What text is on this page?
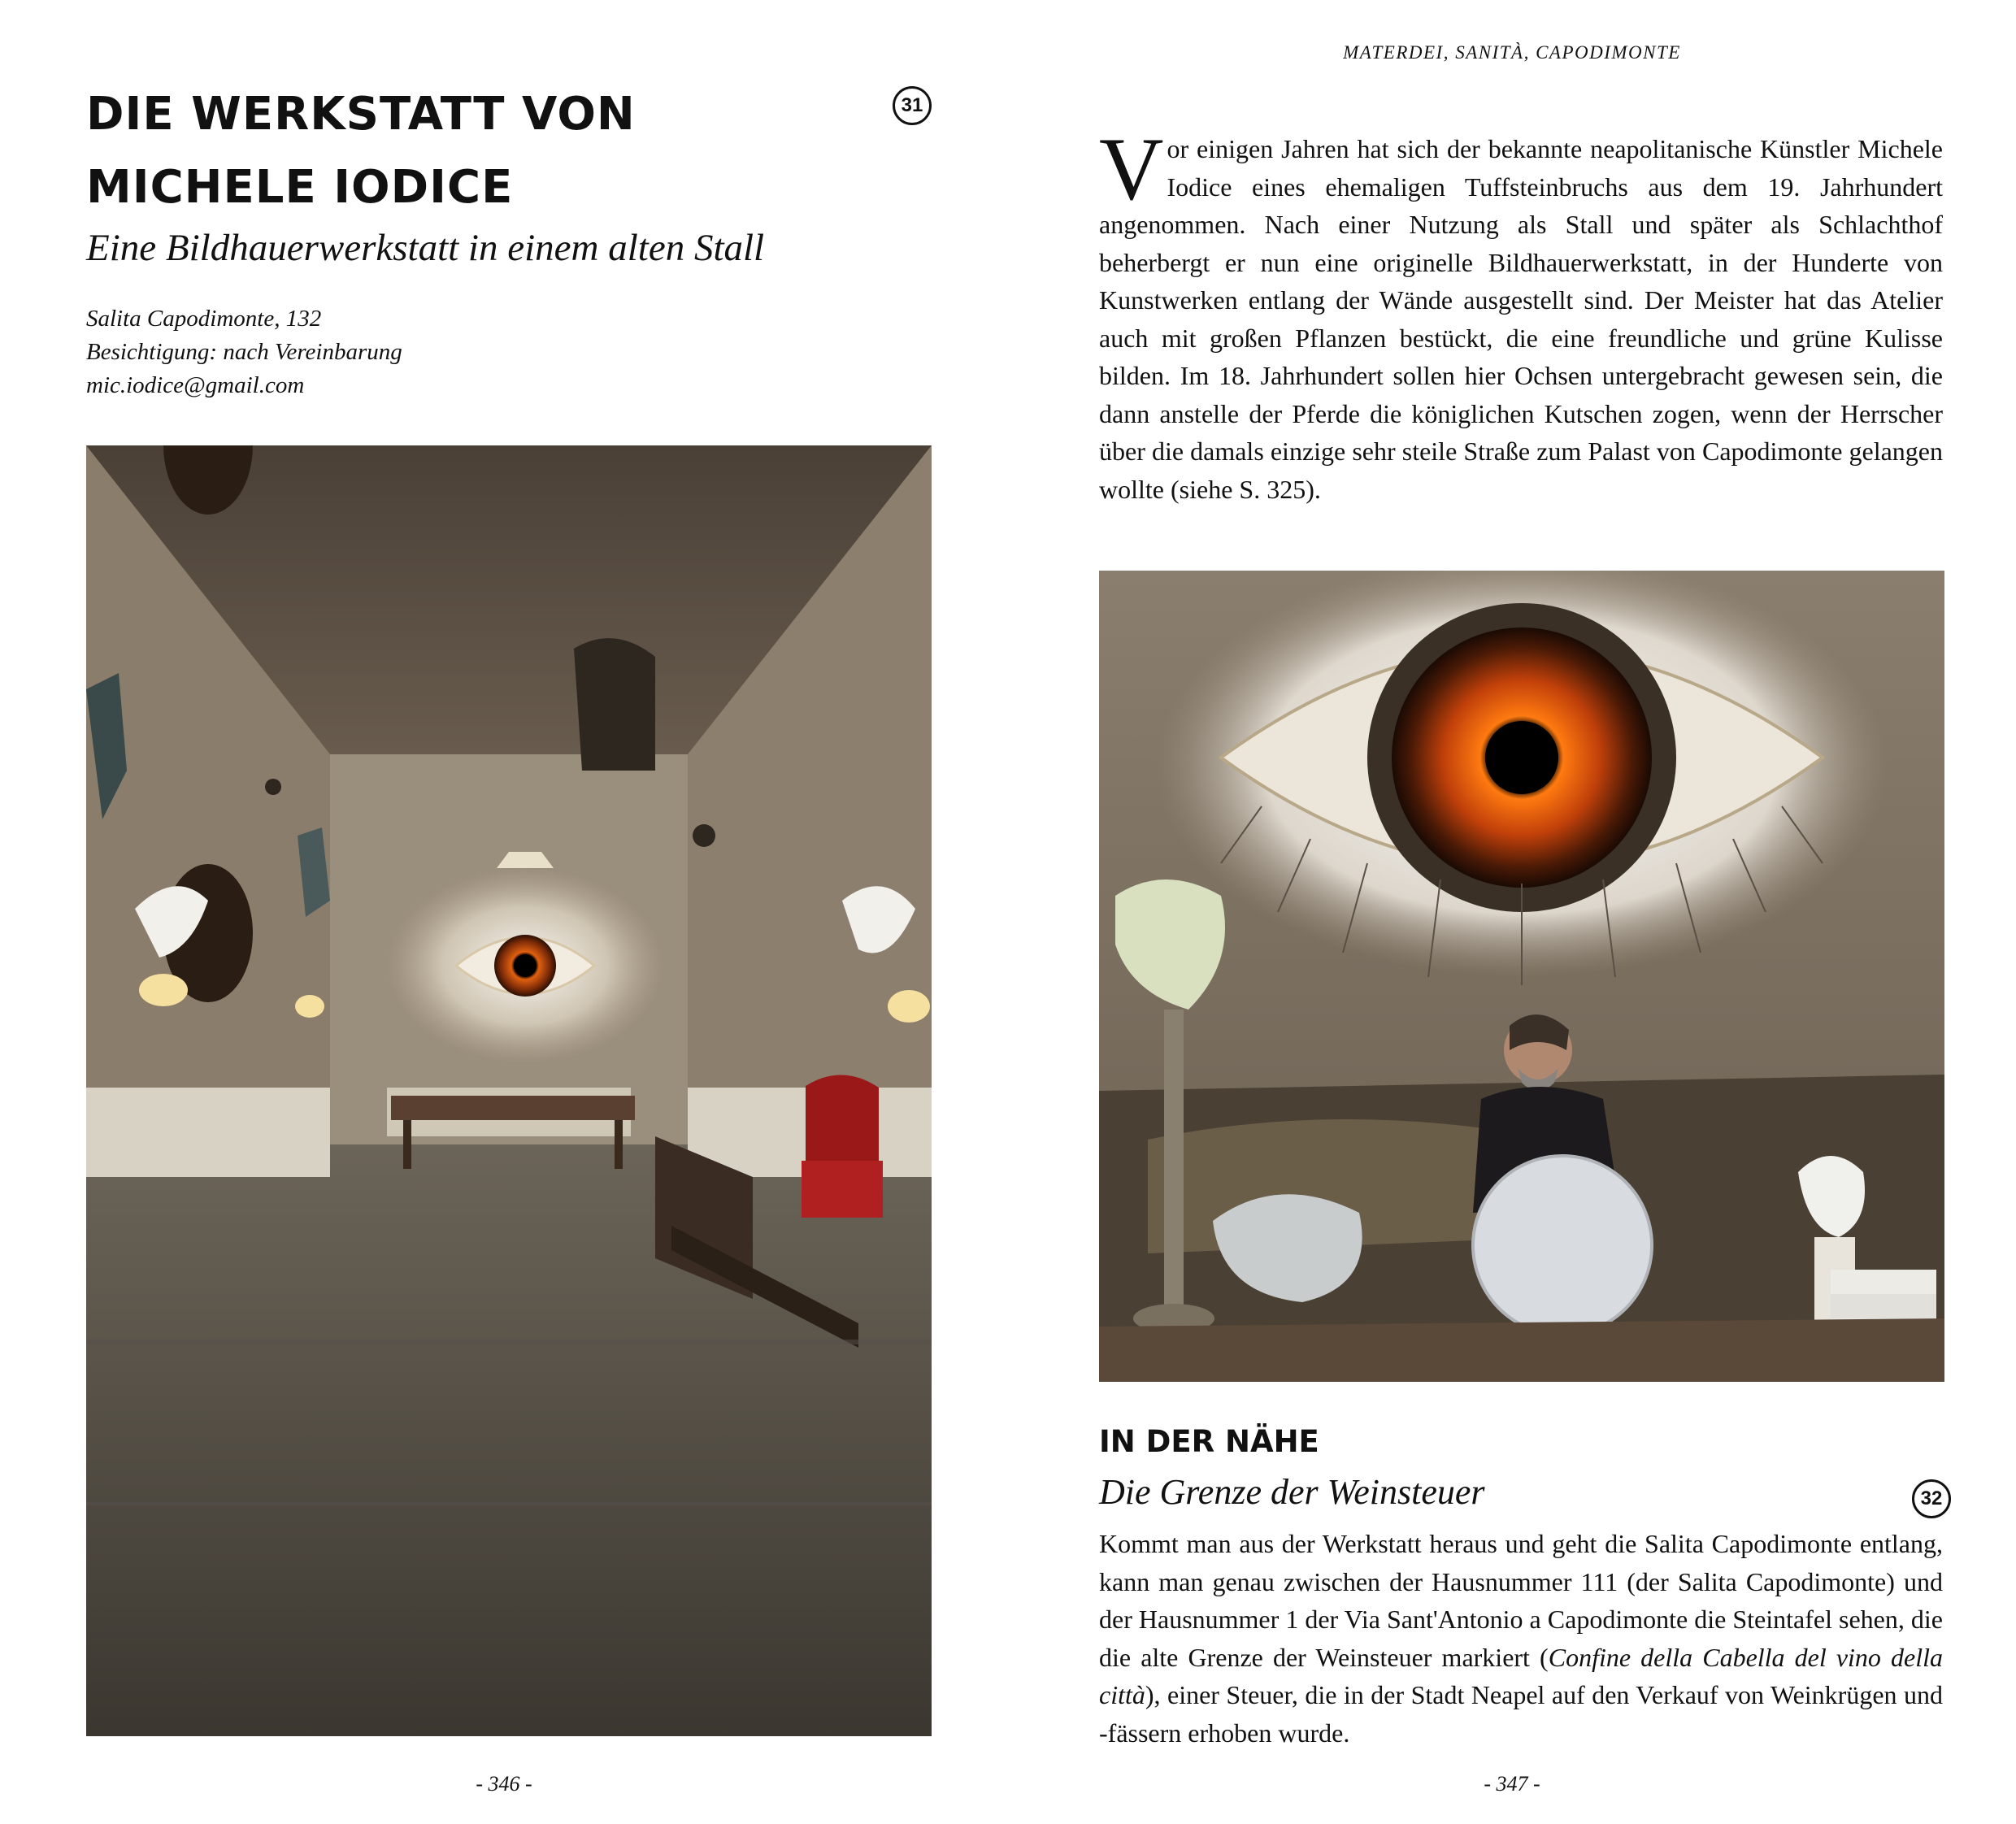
DIE WERKSTATT VON
MICHELE IODICE
31
Eine Bildhauerwerkstatt in einem alten Stall
Salita Capodimonte, 132
Besichtigung: nach Vereinbarung
mic.iodice@gmail.com
- 346 -
MATERDEI, SANITÀ, CAPODIMONTE

Vor einigen Jahren hat sich der bekannte neapolitanische Künstler Michele Iodice eines ehemaligen Tuffsteinbruchs aus dem 19. Jahrhundert angenommen. Nach einer Nutzung als Stall und später als Schlachthof beherbergt er nun eine originelle Bildhauerwerkstatt, in der Hunderte von Kunstwerken entlang der Wände ausgestellt sind. Der Meister hat das Atelier auch mit großen Pflanzen bestückt, die eine freundliche und grüne Kulisse bilden. Im 18. Jahrhundert sollen hier Ochsen untergebracht gewesen sein, die dann anstelle der Pferde die königlichen Kutschen zogen, wenn der Herrscher über die damals einzige sehr steile Straße zum Palast von Capodimonte gelangen wollte (siehe S. 325).

IN DER NÄHE
Die Grenze der Weinsteuer	32

Kommt man aus der Werkstatt heraus und geht die Salita Capodimonte entlang, kann man genau zwischen der Hausnummer 111 (der Salita Capodimonte) und der Hausnummer 1 der Via Sant'Antonio a Capodimonte die Steintafel sehen, die die alte Grenze der Weinsteuer markiert (Confine della Cabella del vino della città), einer Steuer, die in der Stadt Neapel auf den Verkauf von Weinkrügen und -fässern erhoben wurde.

- 347 -
